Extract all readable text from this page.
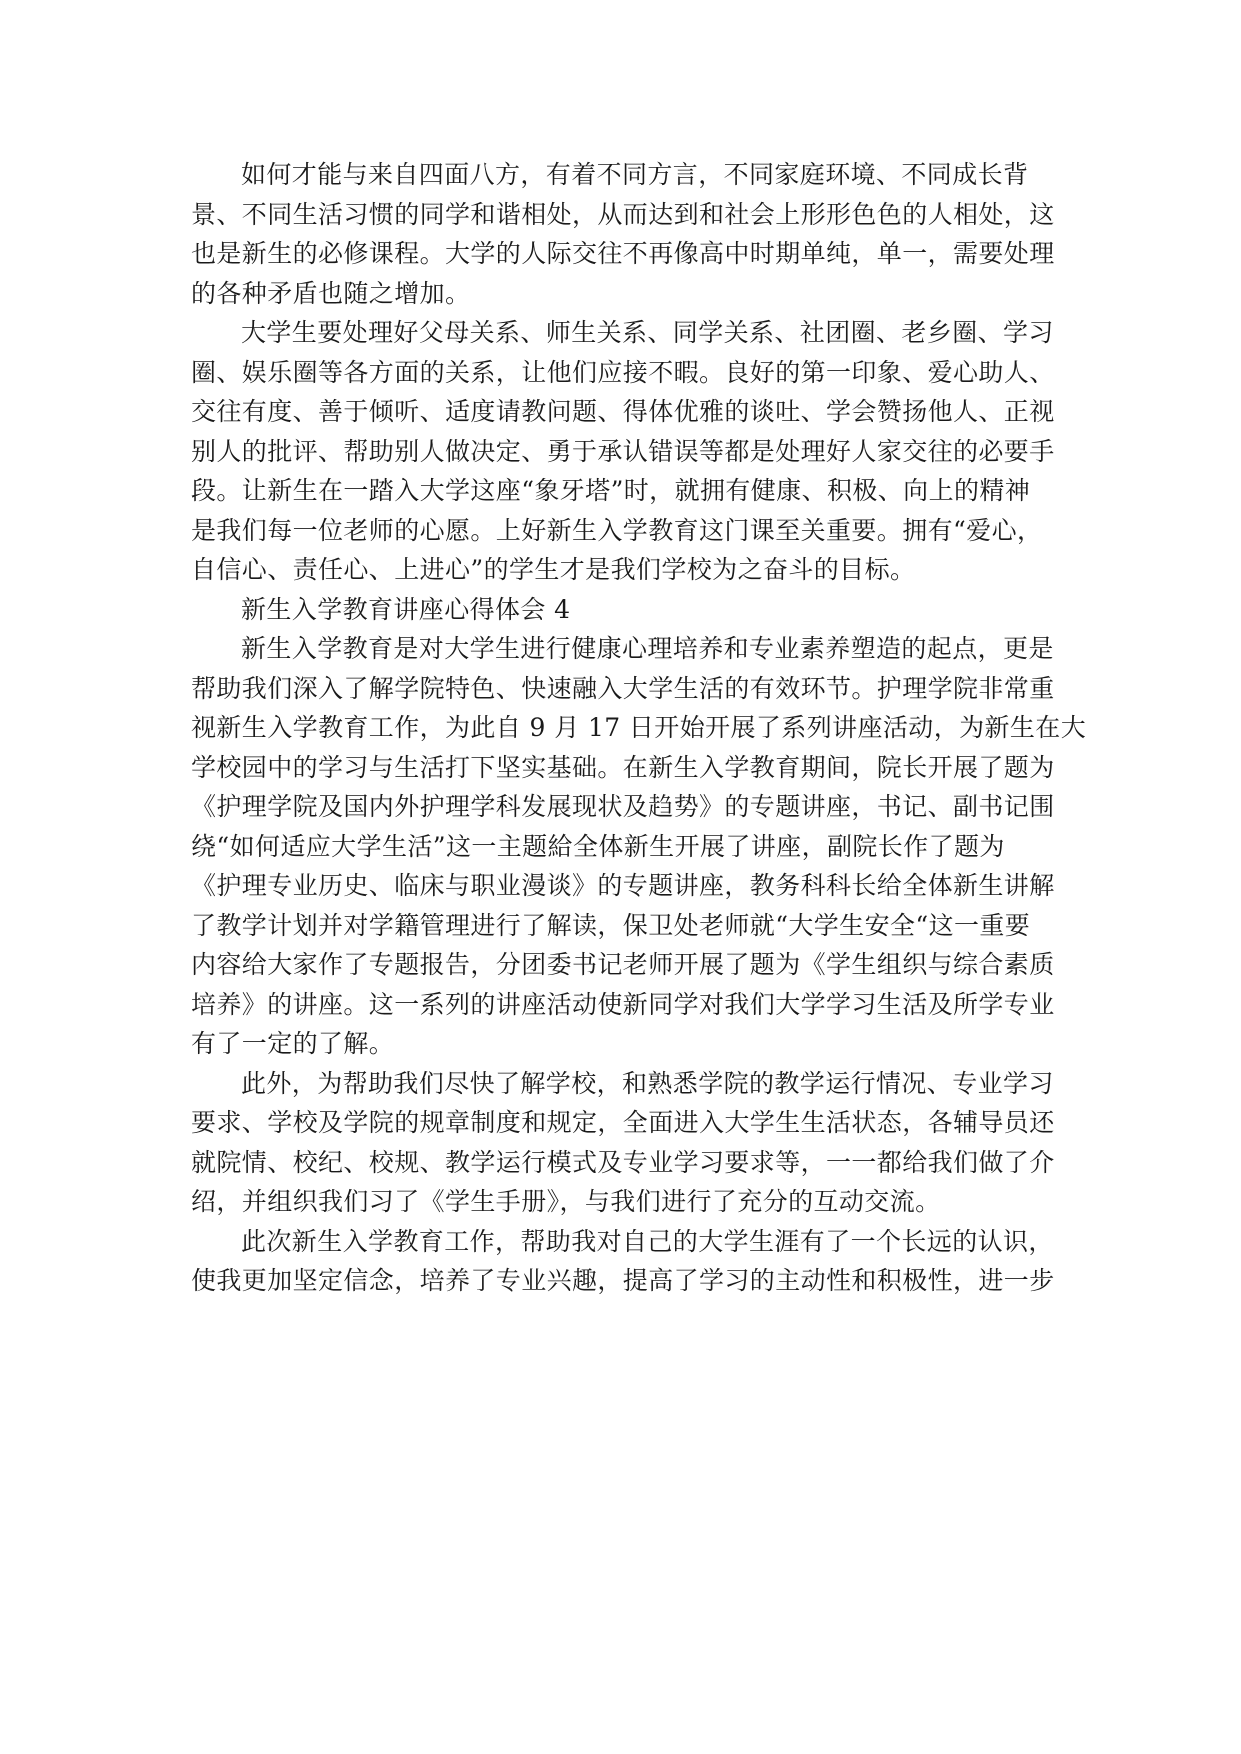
如何才能与来自四面八方，有着不同方言，不同家庭环境、不同成长背
景、不同生活习惯的同学和谐相处，从而达到和社会上形形色色的人相处，这
也是新生的必修课程。大学的人际交往不再像高中时期单纯，单一，需要处理
的各种矛盾也随之增加。
大学生要处理好父母关系、师生关系、同学关系、社团圈、老乡圈、学习
圈、娱乐圈等各方面的关系，让他们应接不暇。良好的第一印象、爱心助人、
交往有度、善于倾听、适度请教问题、得体优雅的谈吐、学会赞扬他人、正视
别人的批评、帮助别人做决定、勇于承认错误等都是处理好人家交往的必要手
段。让新生在一踏入大学这座“象牙塔”时，就拥有健康、积极、向上的精神
是我们每一位老师的心愿。上好新生入学教育这门课至关重要。拥有“爱心，
自信心、责任心、上进心”的学生才是我们学校为之奋斗的目标。
新生入学教育讲座心得体会 4
新生入学教育是对大学生进行健康心理培养和专业素养塑造的起点，更是
帮助我们深入了解学院特色、快速融入大学生活的有效环节。护理学院非常重
视新生入学教育工作，为此自 9 月 17 日开始开展了系列讲座活动，为新生在大
学校园中的学习与生活打下坚实基础。在新生入学教育期间，院长开展了题为
《护理学院及国内外护理学科发展现状及趋势》的专题讲座，书记、副书记围
绕“如何适应大学生活”这一主题給全体新生开展了讲座，副院长作了题为
《护理专业历史、临床与职业漫谈》的专题讲座，教务科科长给全体新生讲解
了教学计划并对学籍管理进行了解读，保卫处老师就“大学生安全“这一重要
内容给大家作了专题报告，分团委书记老师开展了题为《学生组织与综合素质
培养》的讲座。这一系列的讲座活动使新同学对我们大学学习生活及所学专业
有了一定的了解。
此外，为帮助我们尽快了解学校，和熟悉学院的教学运行情况、专业学习
要求、学校及学院的规章制度和规定，全面进入大学生生活状态，各辅导员还
就院情、校纪、校规、教学运行模式及专业学习要求等，一一都给我们做了介
绍，并组织我们习了《学生手册》，与我们进行了充分的互动交流。
此次新生入学教育工作，帮助我对自己的大学生涯有了一个长远的认识，
使我更加坚定信念，培养了专业兴趣，提高了学习的主动性和积极性，进一步
